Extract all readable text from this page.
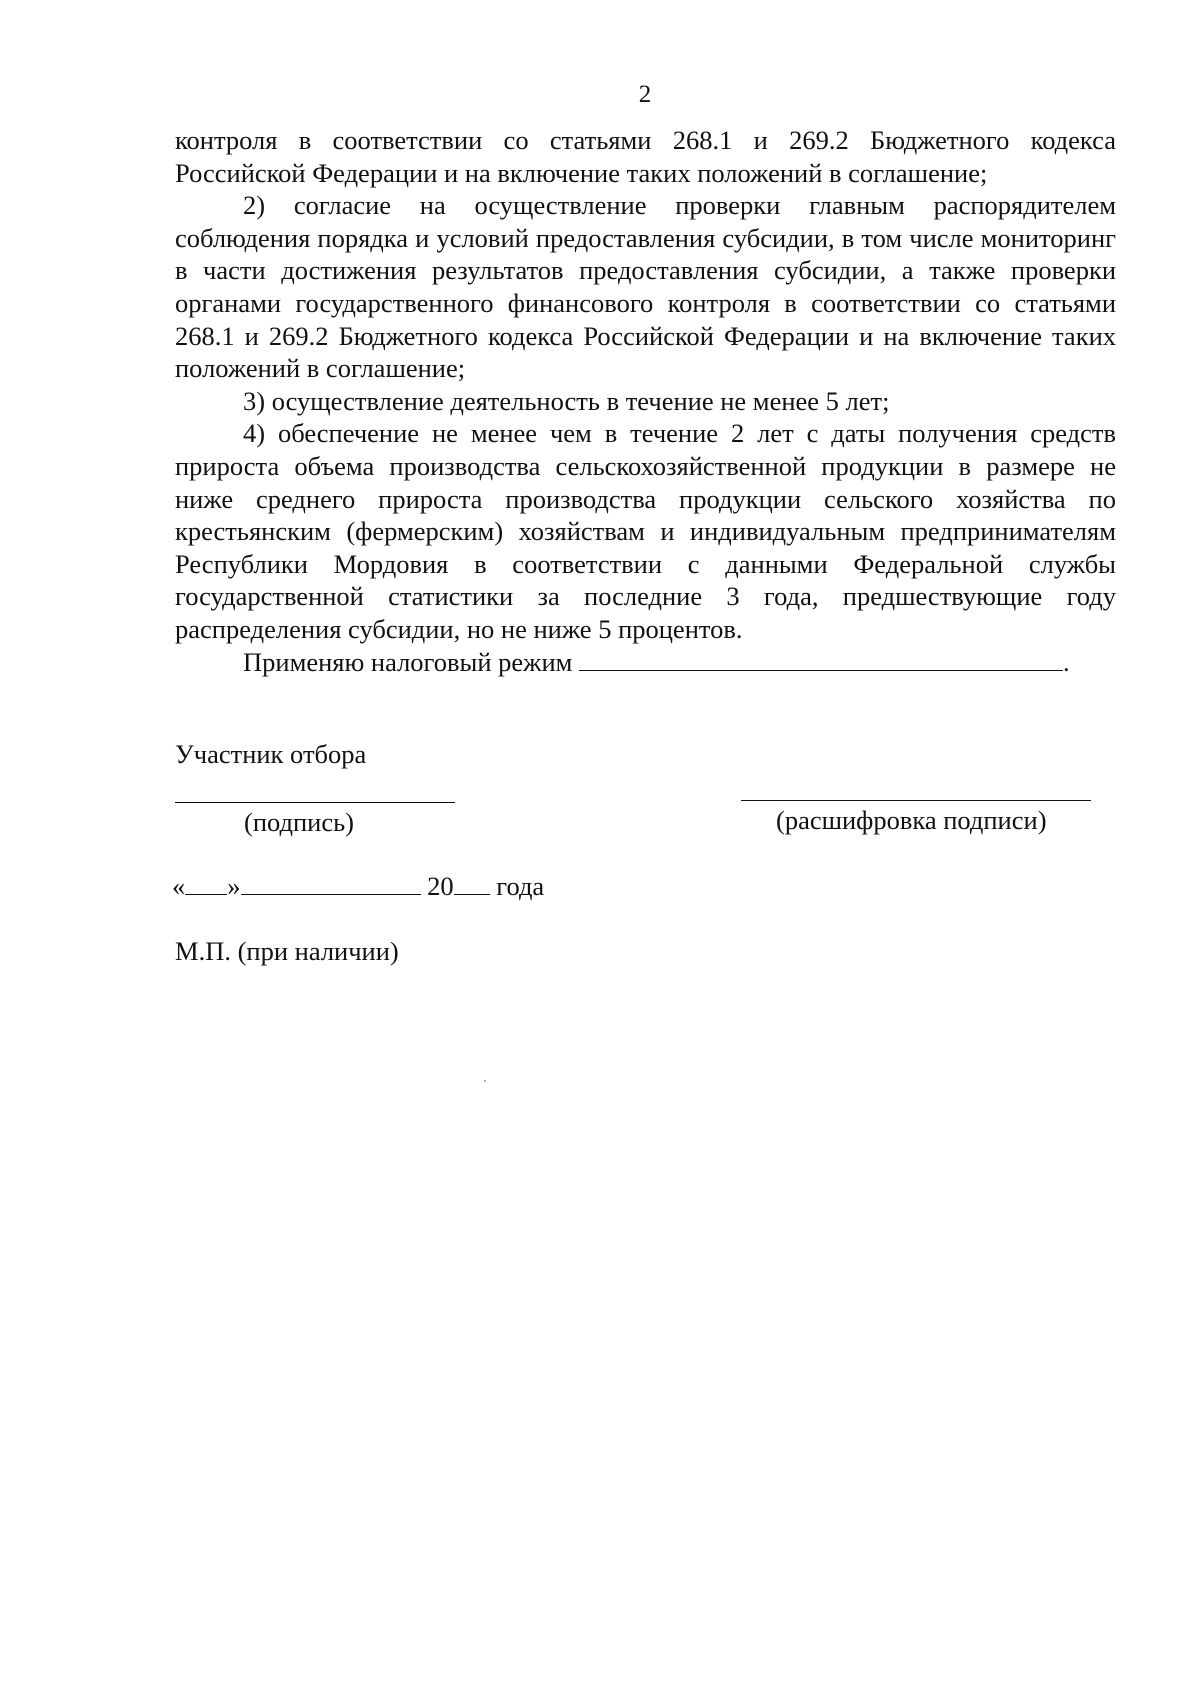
2

контроля в соответствии со статьями 268.1 и 269.2 Бюджетного кодекса Российской Федерации и на включение таких положений в соглашение;

2) согласие на осуществление проверки главным распорядителем соблюдения порядка и условий предоставления субсидии, в том числе мониторинг в части достижения результатов предоставления субсидии, а также проверки органами государственного финансового контроля в соответствии со статьями 268.1 и 269.2 Бюджетного кодекса Российской Федерации и на включение таких положений в соглашение;

3) осуществление деятельность в течение не менее 5 лет;

4) обеспечение не менее чем в течение 2 лет с даты получения средств прироста объема производства сельскохозяйственной продукции в размере не ниже среднего прироста производства продукции сельского хозяйства по крестьянским (фермерским) хозяйствам и индивидуальным предпринимателям Республики Мордовия в соответствии с данными Федеральной службы государственной статистики за последние 3 года, предшествующие году распределения субсидии, но не ниже 5 процентов.

Применяю налоговый режим	.

Участник отбора
(подпись)	(расшифровка подписи)
« »	20 года
М.П. (при наличии)
